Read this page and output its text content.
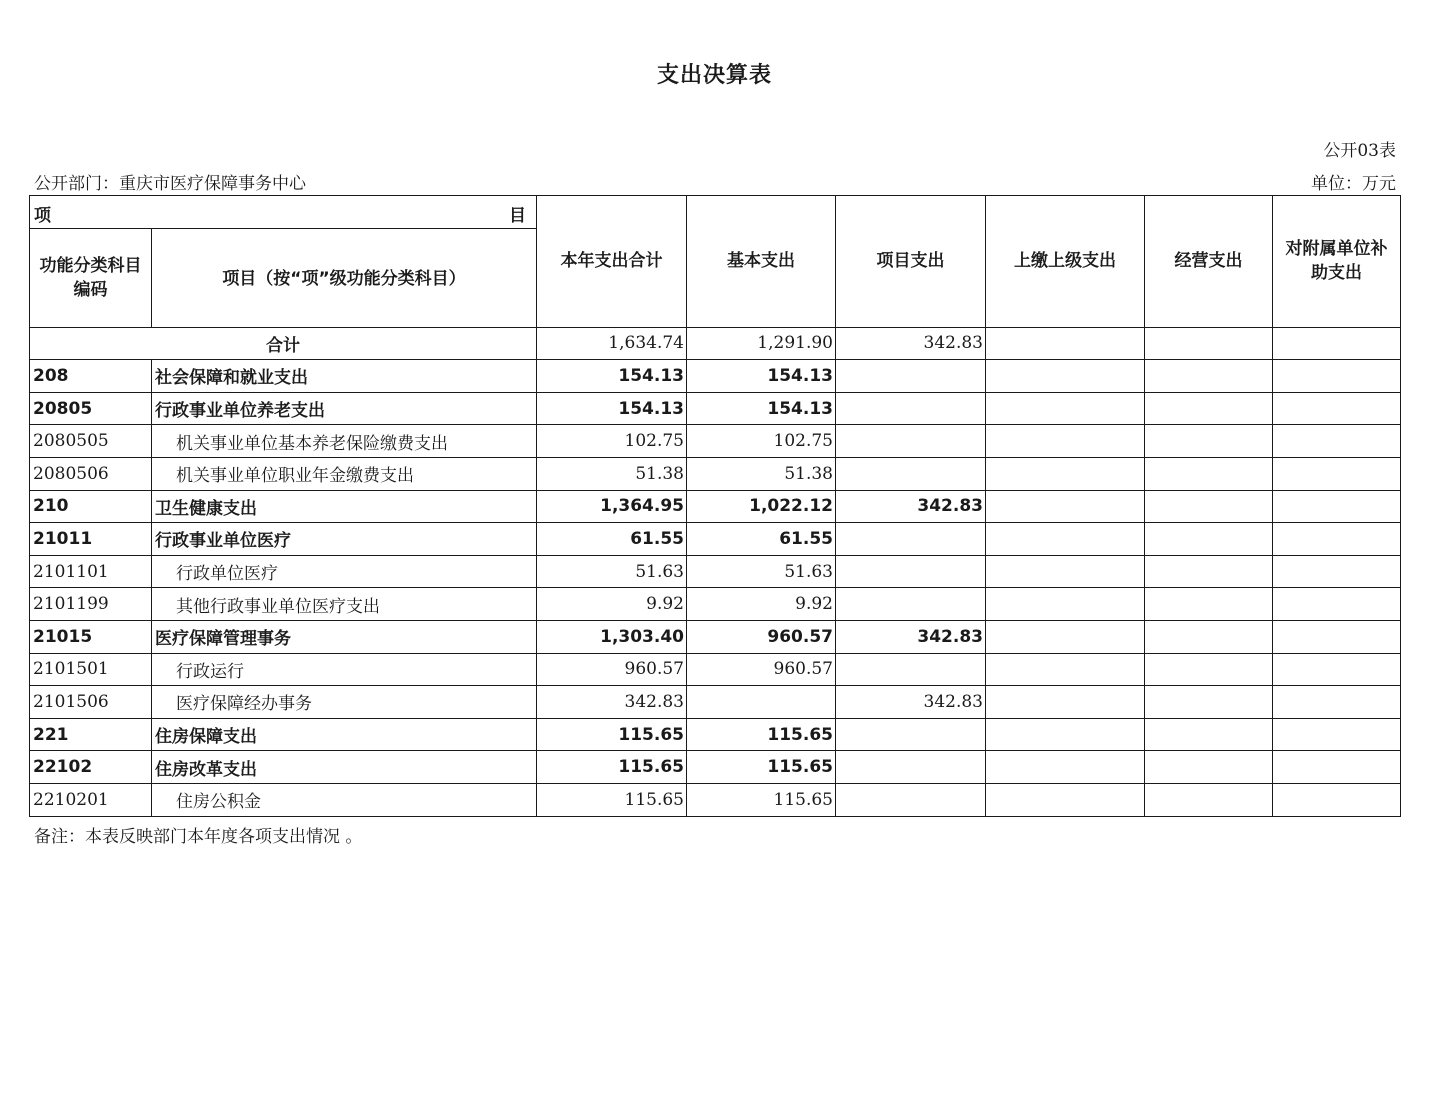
支出决算表
公开03表
公开部门：重庆市医疗保障事务中心	单位：万元
项 目		本年支出合计	基本支出	项目支出	上缴上级支出	经营支出	对附属单位补助支出
功能分类科目编码	项目（按“项”级功能分类科目）						
合计		1,634.74	1,291.90	342.83			
208	社会保障和就业支出	154.13	154.13				
20805	行政事业单位养老支出	154.13	154.13				
2080505	机关事业单位基本养老保险缴费支出	102.75	102.75				
2080506	机关事业单位职业年金缴费支出	51.38	51.38				
210	卫生健康支出	1,364.95	1,022.12	342.83			
21011	行政事业单位医疗	61.55	61.55				
2101101	行政单位医疗	51.63	51.63				
2101199	其他行政事业单位医疗支出	9.92	9.92				
21015	医疗保障管理事务	1,303.40	960.57	342.83			
2101501	行政运行	960.57	960.57				
2101506	医疗保障经办事务	342.83		342.83			
221	住房保障支出	115.65	115.65				
22102	住房改革支出	115.65	115.65				
2210201	住房公积金	115.65	115.65				
备注：本表反映部门本年度各项支出情况 。
